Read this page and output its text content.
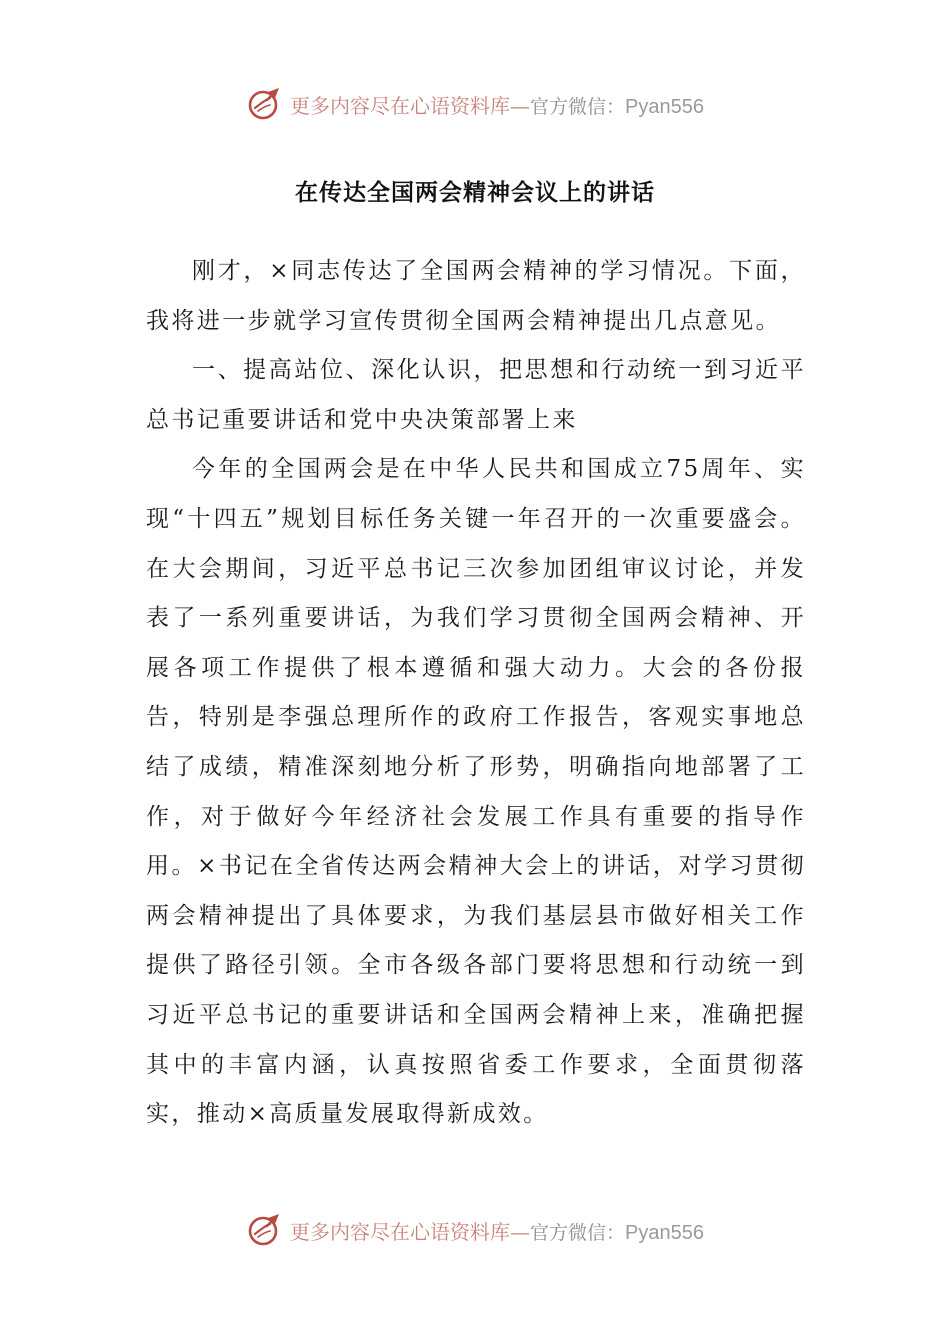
更多内容尽在心语资料库—官方微信：Pyan556
在传达全国两会精神会议上的讲话

刚才，×同志传达了全国两会精神的学习情况。下面，我将进一步就学习宣传贯彻全国两会精神提出几点意见。

一、提高站位、深化认识，把思想和行动统一到习近平总书记重要讲话和党中央决策部署上来

今年的全国两会是在中华人民共和国成立75周年、实现“十四五”规划目标任务关键一年召开的一次重要盛会。在大会期间，习近平总书记三次参加团组审议讨论，并发表了一系列重要讲话，为我们学习贯彻全国两会精神、开展各项工作提供了根本遵循和强大动力。大会的各份报告，特别是李强总理所作的政府工作报告，客观实事地总结了成绩，精准深刻地分析了形势，明确指向地部署了工作，对于做好今年经济社会发展工作具有重要的指导作用。×书记在全省传达两会精神大会上的讲话，对学习贯彻两会精神提出了具体要求，为我们基层县市做好相关工作提供了路径引领。全市各级各部门要将思想和行动统一到习近平总书记的重要讲话和全国两会精神上来，准确把握其中的丰富内涵，认真按照省委工作要求，全面贯彻落实，推动×高质量发展取得新成效。

更多内容尽在心语资料库—官方微信：Pyan556
